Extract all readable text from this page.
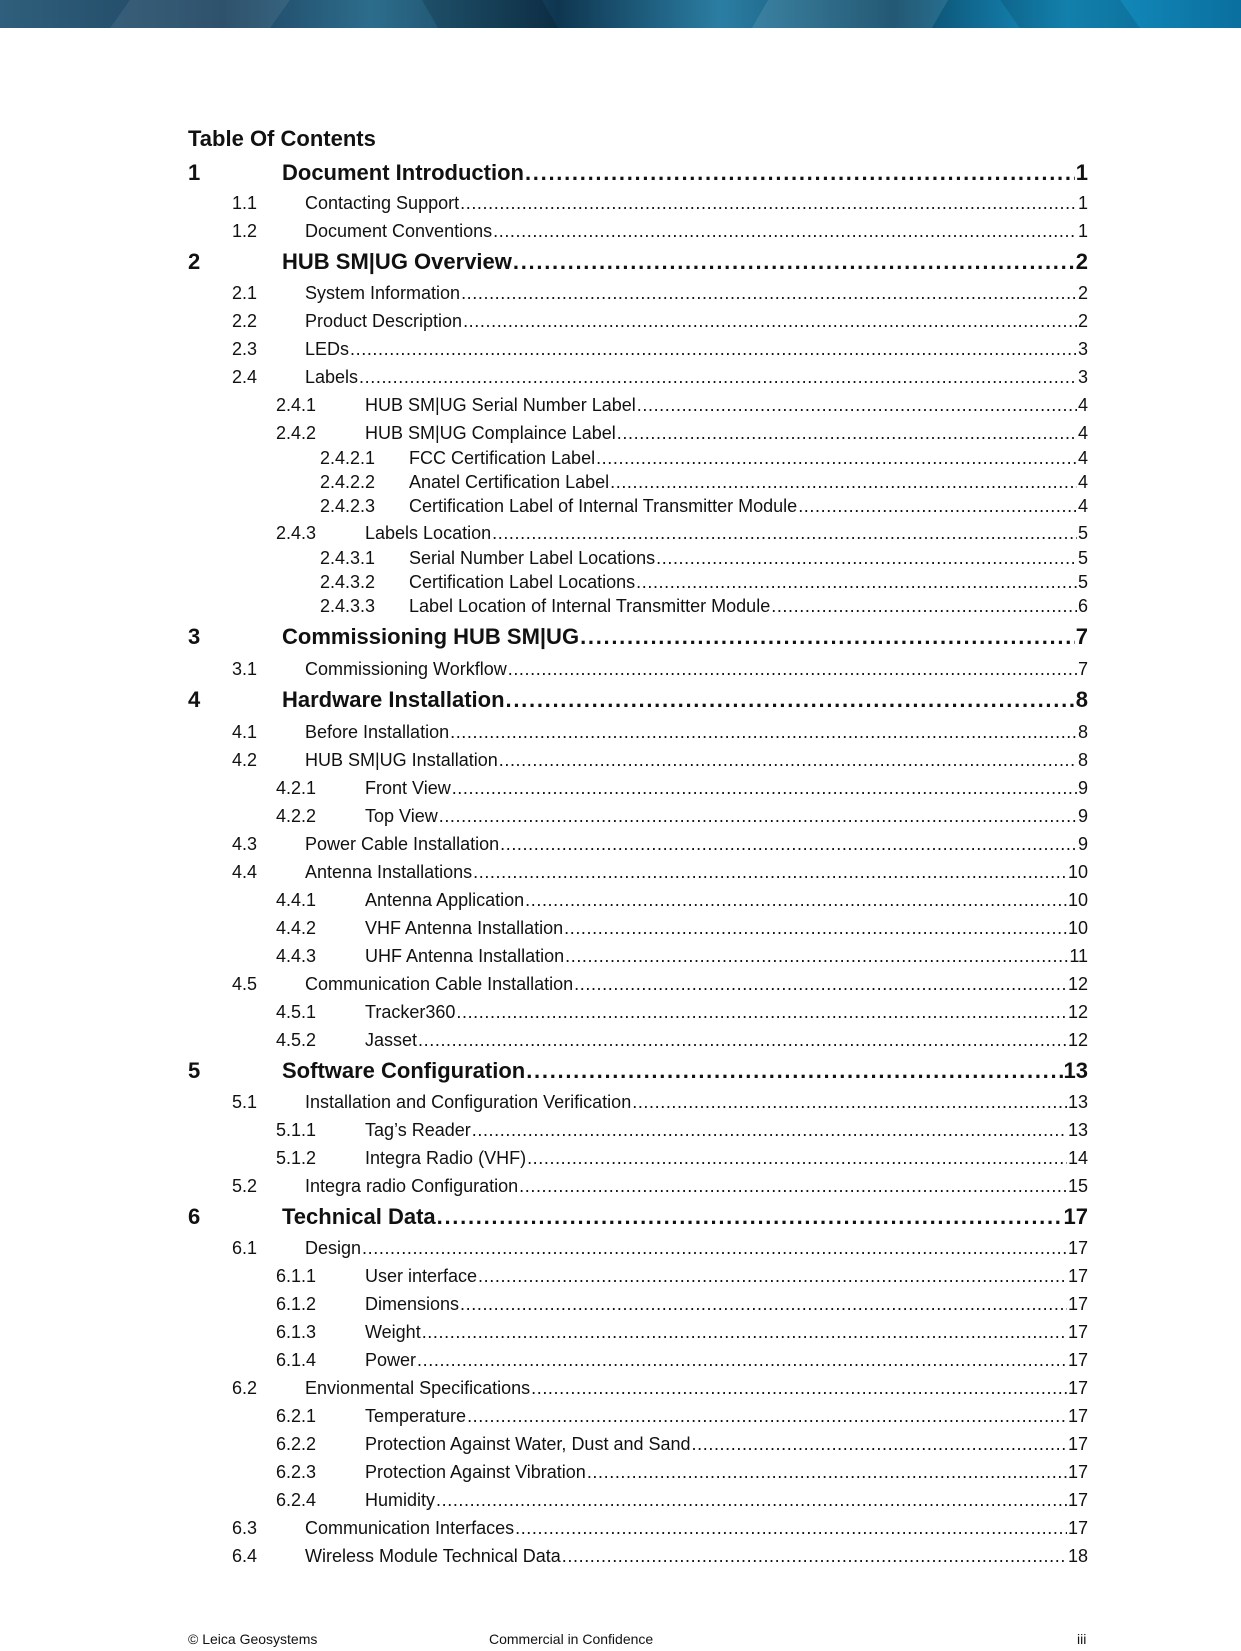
Table Of Contents
1	Document Introduction . . .	1
1.1	Contacting Support . . .	1
1.2	Document Conventions . . .	1
2	HUB SM|UG Overview . . .	2
2.1	System Information . . .	2
2.2	Product Description . . .	2
2.3	LEDs . . .	3
2.4	Labels . . .	3
2.4.1	HUB SM|UG Serial Number Label . . .	4
2.4.2	HUB SM|UG Complaince Label . . .	4
2.4.2.1	FCC Certification Label . . .	4
2.4.2.2	Anatel Certification Label . . .	4
2.4.2.3	Certification Label of Internal Transmitter Module . . .	4
2.4.3	Labels Location . . .	5
2.4.3.1	Serial Number Label Locations . . .	5
2.4.3.2	Certification Label Locations . . .	5
2.4.3.3	Label Location of Internal Transmitter Module . . .	6
3	Commissioning HUB SM|UG . . .	7
3.1	Commissioning Workflow . . .	7
4	Hardware Installation . . .	8
4.1	Before Installation . . .	8
4.2	HUB SM|UG Installation . . .	8
4.2.1	Front View . . .	9
4.2.2	Top View . . .	9
4.3	Power Cable Installation . . .	9
4.4	Antenna Installations . . .	10
4.4.1	Antenna Application . . .	10
4.4.2	VHF Antenna Installation . . .	10
4.4.3	UHF Antenna Installation . . .	11
4.5	Communication Cable Installation . . .	12
4.5.1	Tracker360 . . .	12
4.5.2	Jasset . . .	12
5	Software Configuration . . .	13
5.1	Installation and Configuration Verification . . .	13
5.1.1	Tag’s Reader . . .	13
5.1.2	Integra Radio (VHF) . . .	14
5.2	Integra radio Configuration . . .	15
6	Technical Data . . .	17
6.1	Design . . .	17
6.1.1	User interface . . .	17
6.1.2	Dimensions . . .	17
6.1.3	Weight . . .	17
6.1.4	Power . . .	17
6.2	Envionmental Specifications . . .	17
6.2.1	Temperature . . .	17
6.2.2	Protection Against Water, Dust and Sand . . .	17
6.2.3	Protection Against Vibration . . .	17
6.2.4	Humidity . . .	17
6.3	Communication Interfaces . . .	17
6.4	Wireless Module Technical Data . . .	18
© Leica Geosystems	Commercial in Confidence	iii
